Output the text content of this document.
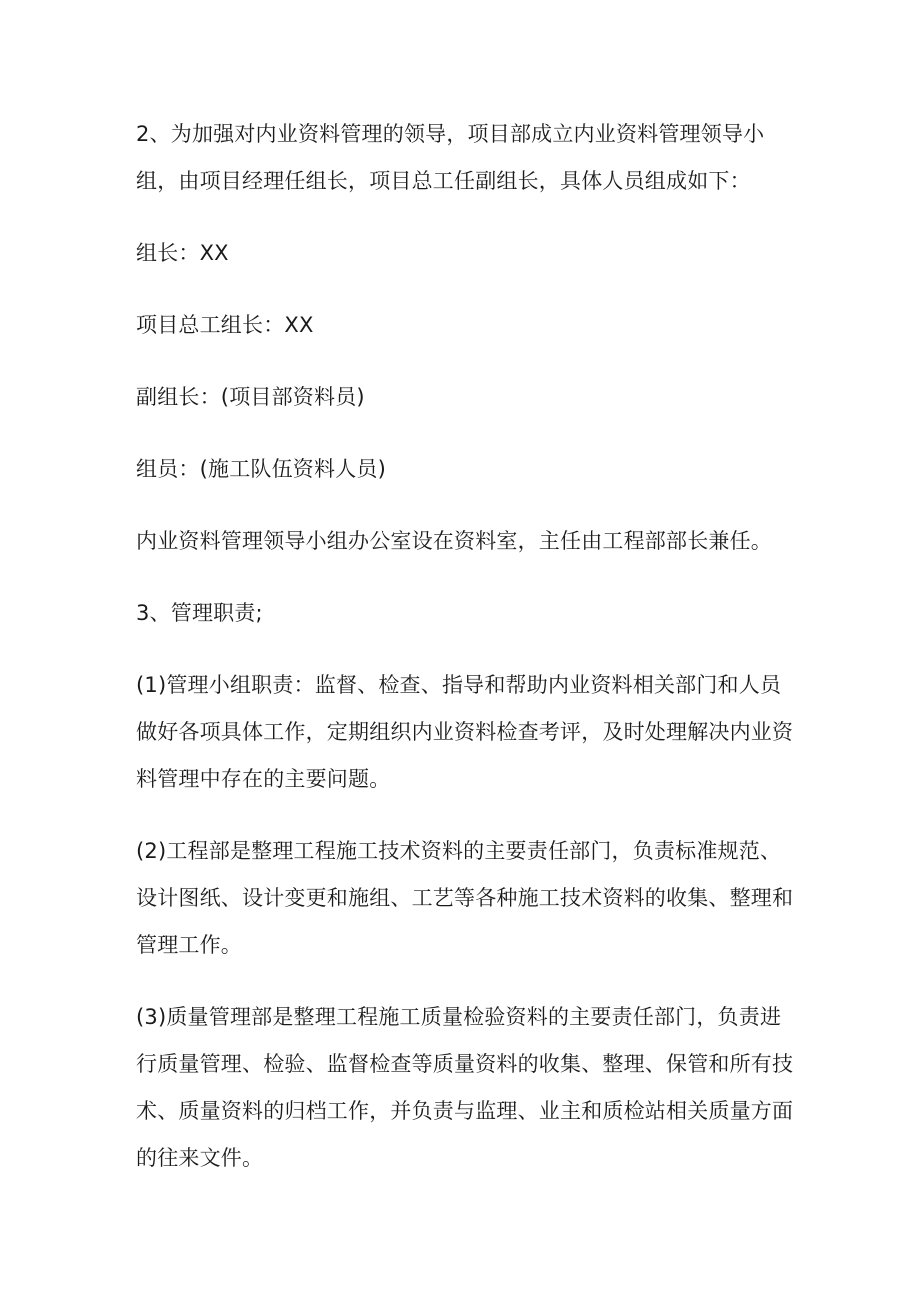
2、为加强对内业资料管理的领导，项目部成立内业资料管理领导小组，由项目经理任组长，项目总工任副组长，具体人员组成如下：

组长：XX

项目总工组长：XX

副组长：(项目部资料员)

组员：(施工队伍资料人员)

内业资料管理领导小组办公室设在资料室，主任由工程部部长兼任。

3、管理职责;

(1)管理小组职责：监督、检查、指导和帮助内业资料相关部门和人员做好各项具体工作，定期组织内业资料检查考评，及时处理解决内业资料管理中存在的主要问题。

(2)工程部是整理工程施工技术资料的主要责任部门，负责标准规范、设计图纸、设计变更和施组、工艺等各种施工技术资料的收集、整理和管理工作。

(3)质量管理部是整理工程施工质量检验资料的主要责任部门，负责进行质量管理、检验、监督检查等质量资料的收集、整理、保管和所有技术、质量资料的归档工作，并负责与监理、业主和质检站相关质量方面的往来文件。
